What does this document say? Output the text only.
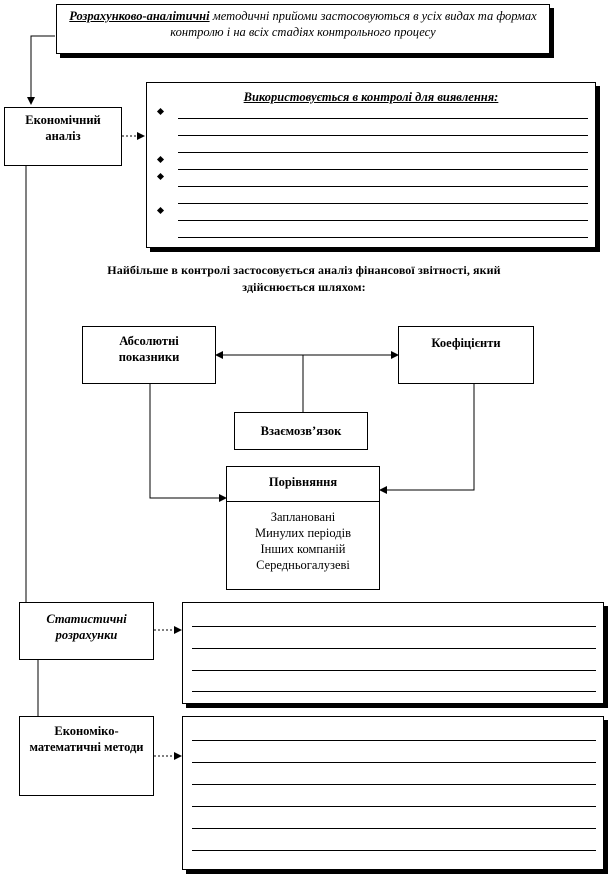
Розрахунково-аналітичні методичні прийоми застосовуються в усіх видах та формах контролю і на всіх стадіях контрольного процесу
Економічний аналіз
Використовується в контролі для виявлення:
Найбільше в контролі застосовується аналіз фінансової звітності, який здійснюється шляхом:
Абсолютні показники
Коефіцієнти
Взаємозв’язок
Порівняння
Заплановані
Минулих періодів
Інших компаній
Середньогалузеві
Статистичні розрахунки
Економіко-математичні методи
